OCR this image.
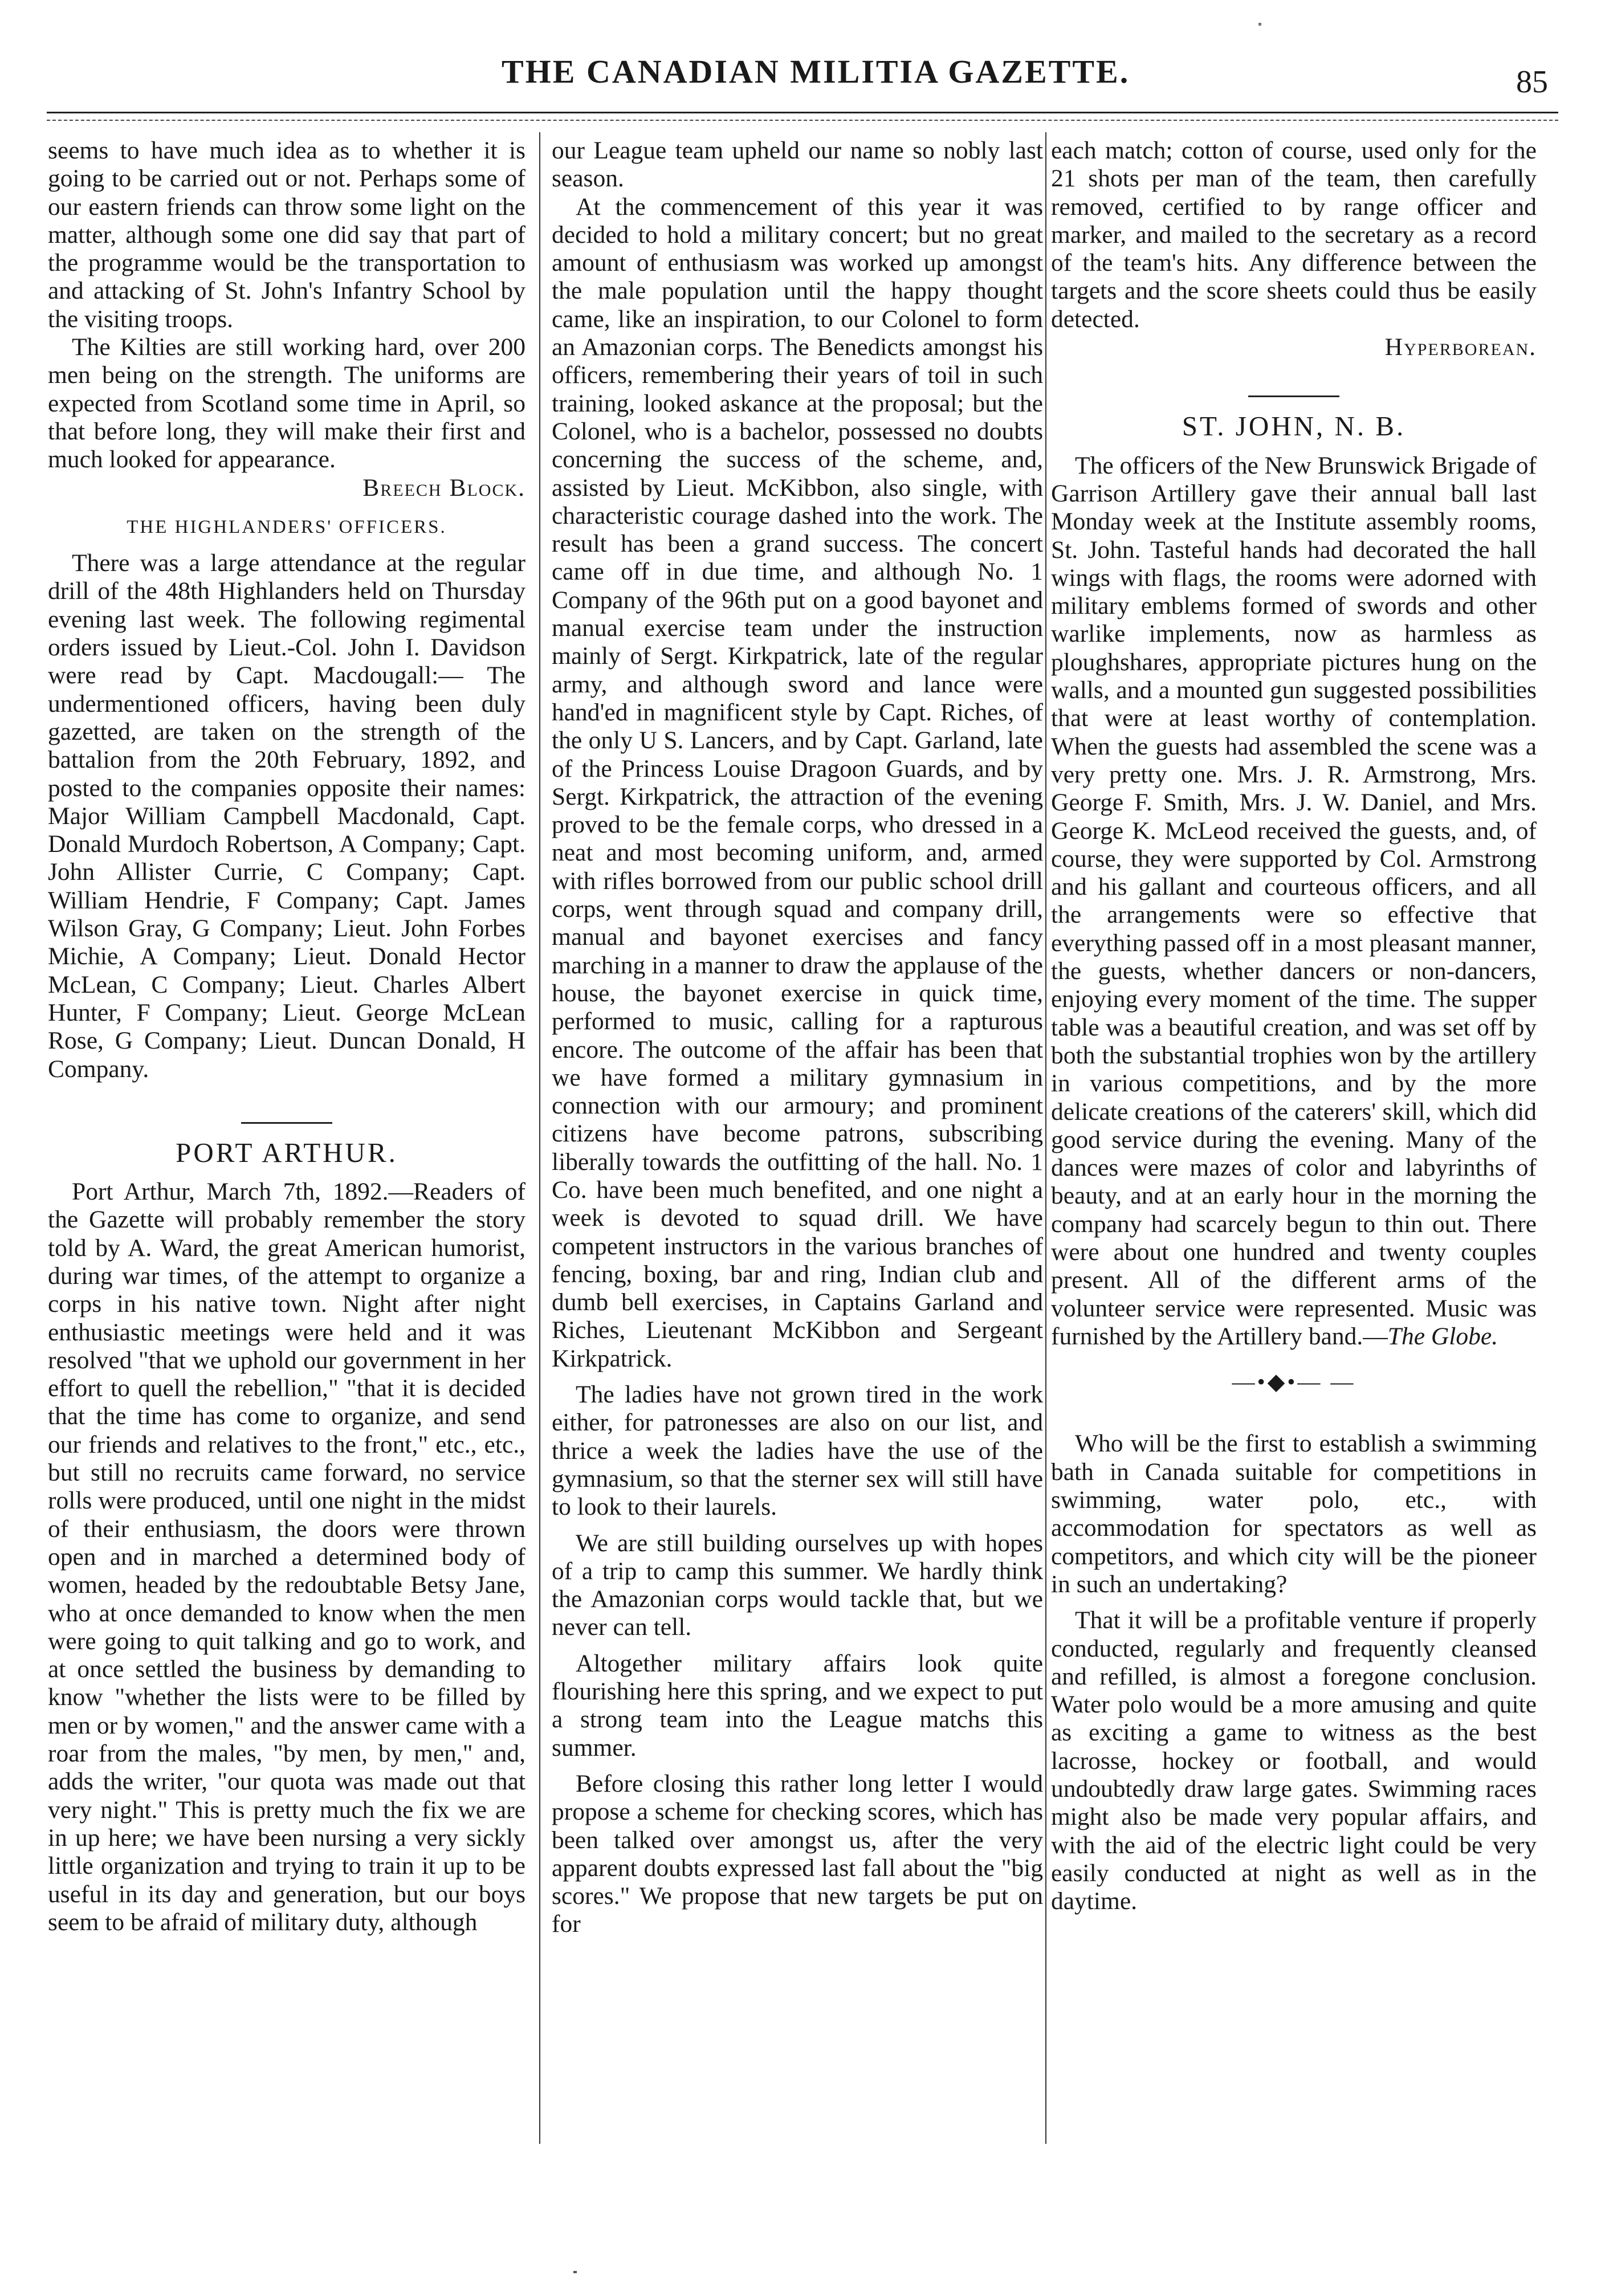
THE CANADIAN MILITIA GAZETTE.	85

seems to have much idea as to whether it is going to be carried out or not. Perhaps some of our eastern friends can throw some light on the matter, although some one did say that part of the programme would be the transportation to and attacking of St. John's Infantry School by the visiting troops.

The Kilties are still working hard, over 200 men being on the strength. The uniforms are expected from Scotland some time in April, so that before long, they will make their first and much looked for appearance.
Breech Block.

THE HIGHLANDERS' OFFICERS.

There was a large attendance at the regular drill of the 48th Highlanders held on Thursday evening last week. The following regimental orders issued by Lieut.-Col. John I. Davidson were read by Capt. Macdougall:— The undermentioned officers, having been duly gazetted, are taken on the strength of the battalion from the 20th February, 1892, and posted to the companies opposite their names: Major William Campbell Macdonald, Capt. Donald Murdoch Robertson, A Company; Capt. John Allister Currie, C Company; Capt. William Hendrie, F Company; Capt. James Wilson Gray, G Company; Lieut. John Forbes Michie, A Company; Lieut. Donald Hector McLean, C Company; Lieut. Charles Albert Hunter, F Company; Lieut. George McLean Rose, G Company; Lieut. Duncan Donald, H Company.

PORT ARTHUR.

Port Arthur, March 7th, 1892.—Readers of the Gazette will probably remember the story told by A. Ward, the great American humorist, during war times, of the attempt to organize a corps in his native town. Night after night enthusiastic meetings were held and it was resolved "that we uphold our government in her effort to quell the rebellion," "that it is decided that the time has come to organize, and send our friends and relatives to the front," etc., etc., but still no recruits came forward, no service rolls were produced, until one night in the midst of their enthusiasm, the doors were thrown open and in marched a determined body of women, headed by the redoubtable Betsy Jane, who at once demanded to know when the men were going to quit talking and go to work, and at once settled the business by demanding to know "whether the lists were to be filled by men or by women," and the answer came with a roar from the males, "by men, by men," and, adds the writer, "our quota was made out that very night." This is pretty much the fix we are in up here; we have been nursing a very sickly little organization and trying to train it up to be useful in its day and generation, but our boys seem to be afraid of military duty, although

our League team upheld our name so nobly last season.

At the commencement of this year it was decided to hold a military concert; but no great amount of enthusiasm was worked up amongst the male population until the happy thought came, like an inspiration, to our Colonel to form an Amazonian corps. The Benedicts amongst his officers, remembering their years of toil in such training, looked askance at the proposal; but the Colonel, who is a bachelor, possessed no doubts concerning the success of the scheme, and, assisted by Lieut. McKibbon, also single, with characteristic courage dashed into the work. The result has been a grand success. The concert came off in due time, and although No. 1 Company of the 96th put on a good bayonet and manual exercise team under the instruction mainly of Sergt. Kirkpatrick, late of the regular army, and although sword and lance were hand'ed in magnificent style by Capt. Riches, of the only U S. Lancers, and by Capt. Garland, late of the Princess Louise Dragoon Guards, and by Sergt. Kirkpatrick, the attraction of the evening proved to be the female corps, who dressed in a neat and most becoming uniform, and, armed with rifles borrowed from our public school drill corps, went through squad and company drill, manual and bayonet exercises and fancy marching in a manner to draw the applause of the house, the bayonet exercise in quick time, performed to music, calling for a rapturous encore. The outcome of the affair has been that we have formed a military gymnasium in connection with our armoury; and prominent citizens have become patrons, subscribing liberally towards the outfitting of the hall. No. 1 Co. have been much benefited, and one night a week is devoted to squad drill. We have competent instructors in the various branches of fencing, boxing, bar and ring, Indian club and dumb bell exercises, in Captains Garland and Riches, Lieutenant McKibbon and Sergeant Kirkpatrick.

The ladies have not grown tired in the work either, for patronesses are also on our list, and thrice a week the ladies have the use of the gymnasium, so that the sterner sex will still have to look to their laurels.

We are still building ourselves up with hopes of a trip to camp this summer. We hardly think the Amazonian corps would tackle that, but we never can tell.

Altogether military affairs look quite flourishing here this spring, and we expect to put a strong team into the League matchs this summer.

Before closing this rather long letter I would propose a scheme for checking scores, which has been talked over amongst us, after the very apparent doubts expressed last fall about the "big scores." We propose that new targets be put on for

each match; cotton of course, used only for the 21 shots per man of the team, then carefully removed, certified to by range officer and marker, and mailed to the secretary as a record of the team's hits. Any difference between the targets and the score sheets could thus be easily detected.
Hyperborean.

ST. JOHN, N. B.

The officers of the New Brunswick Brigade of Garrison Artillery gave their annual ball last Monday week at the Institute assembly rooms, St. John. Tasteful hands had decorated the hall wings with flags, the rooms were adorned with military emblems formed of swords and other warlike implements, now as harmless as ploughshares, appropriate pictures hung on the walls, and a mounted gun suggested possibilities that were at least worthy of contemplation. When the guests had assembled the scene was a very pretty one. Mrs. J. R. Armstrong, Mrs. George F. Smith, Mrs. J. W. Daniel, and Mrs. George K. McLeod received the guests, and, of course, they were supported by Col. Armstrong and his gallant and courteous officers, and all the arrangements were so effective that everything passed off in a most pleasant manner, the guests, whether dancers or non-dancers, enjoying every moment of the time. The supper table was a beautiful creation, and was set off by both the substantial trophies won by the artillery in various competitions, and by the more delicate creations of the caterers' skill, which did good service during the evening. Many of the dances were mazes of color and labyrinths of beauty, and at an early hour in the morning the company had scarcely begun to thin out. There were about one hundred and twenty couples present. All of the different arms of the volunteer service were represented. Music was furnished by the Artillery band.—The Globe.

—•◆•— —

Who will be the first to establish a swimming bath in Canada suitable for competitions in swimming, water polo, etc., with accommodation for spectators as well as competitors, and which city will be the pioneer in such an undertaking?

That it will be a profitable venture if properly conducted, regularly and frequently cleansed and refilled, is almost a foregone conclusion. Water polo would be a more amusing and quite as exciting a game to witness as the best lacrosse, hockey or football, and would undoubtedly draw large gates. Swimming races might also be made very popular affairs, and with the aid of the electric light could be very easily conducted at night as well as in the daytime.
